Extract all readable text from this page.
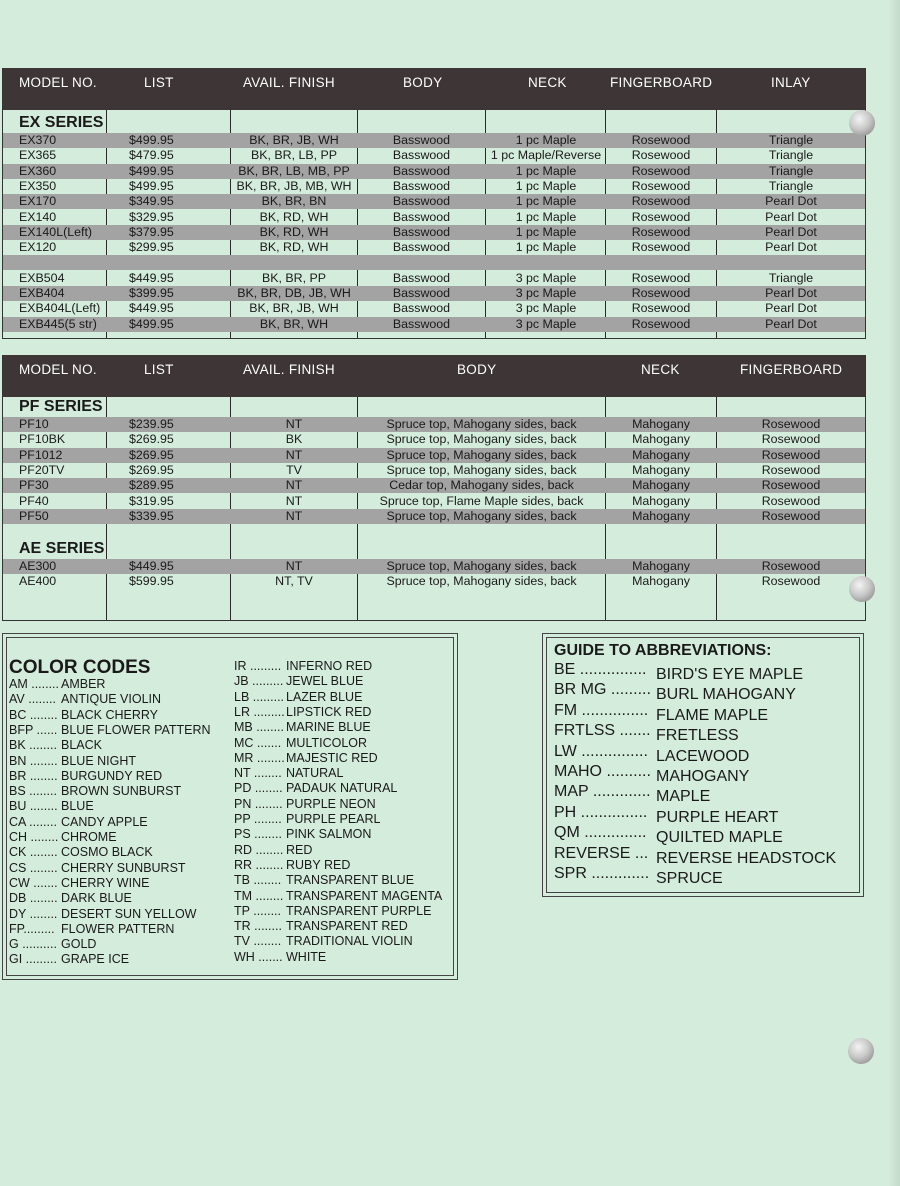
MODEL NO.	LIST	AVAIL. FINISH	BODY	NECK	FINGERBOARD	INLAY
EX SERIES
EX370	$499.95	BK, BR, JB, WH	Basswood	1 pc Maple	Rosewood	Triangle
EX365	$479.95	BK, BR, LB, PP	Basswood	1 pc Maple/Reverse	Rosewood	Triangle
EX360	$499.95	BK, BR, LB, MB, PP	Basswood	1 pc Maple	Rosewood	Triangle
EX350	$499.95	BK, BR, JB, MB, WH	Basswood	1 pc Maple	Rosewood	Triangle
EX170	$349.95	BK, BR, BN	Basswood	1 pc Maple	Rosewood	Pearl Dot
EX140	$329.95	BK, RD, WH	Basswood	1 pc Maple	Rosewood	Pearl Dot
EX140L(Left)	$379.95	BK, RD, WH	Basswood	1 pc Maple	Rosewood	Pearl Dot
EX120	$299.95	BK, RD, WH	Basswood	1 pc Maple	Rosewood	Pearl Dot
EXB504	$449.95	BK, BR, PP	Basswood	3 pc Maple	Rosewood	Triangle
EXB404	$399.95	BK, BR, DB, JB, WH	Basswood	3 pc Maple	Rosewood	Pearl Dot
EXB404L(Left) $449.95	BK, BR, JB, WH	Basswood	3 pc Maple	Rosewood	Pearl Dot
EXB445(5 str)	$499.95	BK, BR, WH	Basswood	3 pc Maple	Rosewood	Pearl Dot
MODEL NO.	LIST	AVAIL. FINISH	BODY	NECK	FINGERBOARD
PF SERIES
AE SERIES
PF10	$239.95	NT	Spruce top, Mahogany sides, back	Mahogany	Rosewood
PF10BK	$269.95	BK	Spruce top, Mahogany sides, back	Mahogany	Rosewood
PF1012	$269.95	NT	Spruce top, Mahogany sides, back	Mahogany	Rosewood
PF20TV	$269.95	TV	Spruce top, Mahogany sides, back	Mahogany	Rosewood
PF30	$289.95	NT	Cedar top, Mahogany sides, back	Mahogany	Rosewood
PF40	$319.95	NT	Spruce top, Flame Maple sides, back	Mahogany	Rosewood
PF50	$339.95	NT	Spruce top, Mahogany sides, back	Mahogany	Rosewood
AE300	$449.95	NT	Spruce top, Mahogany sides, back	Mahogany	Rosewood
AE400	$599.95	NT, TV	Spruce top, Mahogany sides, back	Mahogany	Rosewood
COLOR CODES
AM ........ AMBER
AV ........ ANTIQUE VIOLIN
BC ........ BLACK CHERRY
BFP ...... BLUE FLOWER PATTERN
BK ........ BLACK
BN ........ BLUE NIGHT
BR ........ BURGUNDY RED
BS ........ BROWN SUNBURST
BU ........ BLUE
CA ........ CANDY APPLE
CH ........ CHROME
CK ........ COSMO BLACK
CS ........ CHERRY SUNBURST
CW ....... CHERRY WINE
DB ........ DARK BLUE
DY ........ DESERT SUN YELLOW
FP......... FLOWER PATTERN
G .......... GOLD
GI ......... GRAPE ICE
IR ......... INFERNO RED
JB ......... JEWEL BLUE
LB ......... LAZER BLUE
LR .........LIPSTICK RED
MB ........ MARINE BLUE
MC ....... MULTICOLOR
MR ........MAJESTIC RED
NT ........ NATURAL
PD ........ PADAUK NATURAL
PN ........ PURPLE NEON
PP ........ PURPLE PEARL
PS ........ PINK SALMON
RD ........ RED
RR ........ RUBY RED
TB ........ TRANSPARENT BLUE
TM ........ TRANSPARENT MAGENTA
TP ........ TRANSPARENT PURPLE
TR ........ TRANSPARENT RED
TV ........ TRADITIONAL VIOLIN
WH ....... WHITE
GUIDE TO ABBREVIATIONS:
BE ............... BIRD'S EYE MAPLE
BR MG ......... BURL MAHOGANY
FM ............... FLAME MAPLE
FRTLSS ....... FRETLESS
LW ............... LACEWOOD
MAHO .......... MAHOGANY
MAP ............. MAPLE
PH ............... PURPLE HEART
QM .............. QUILTED MAPLE
REVERSE ... REVERSE HEADSTOCK
SPR ............. SPRUCE
